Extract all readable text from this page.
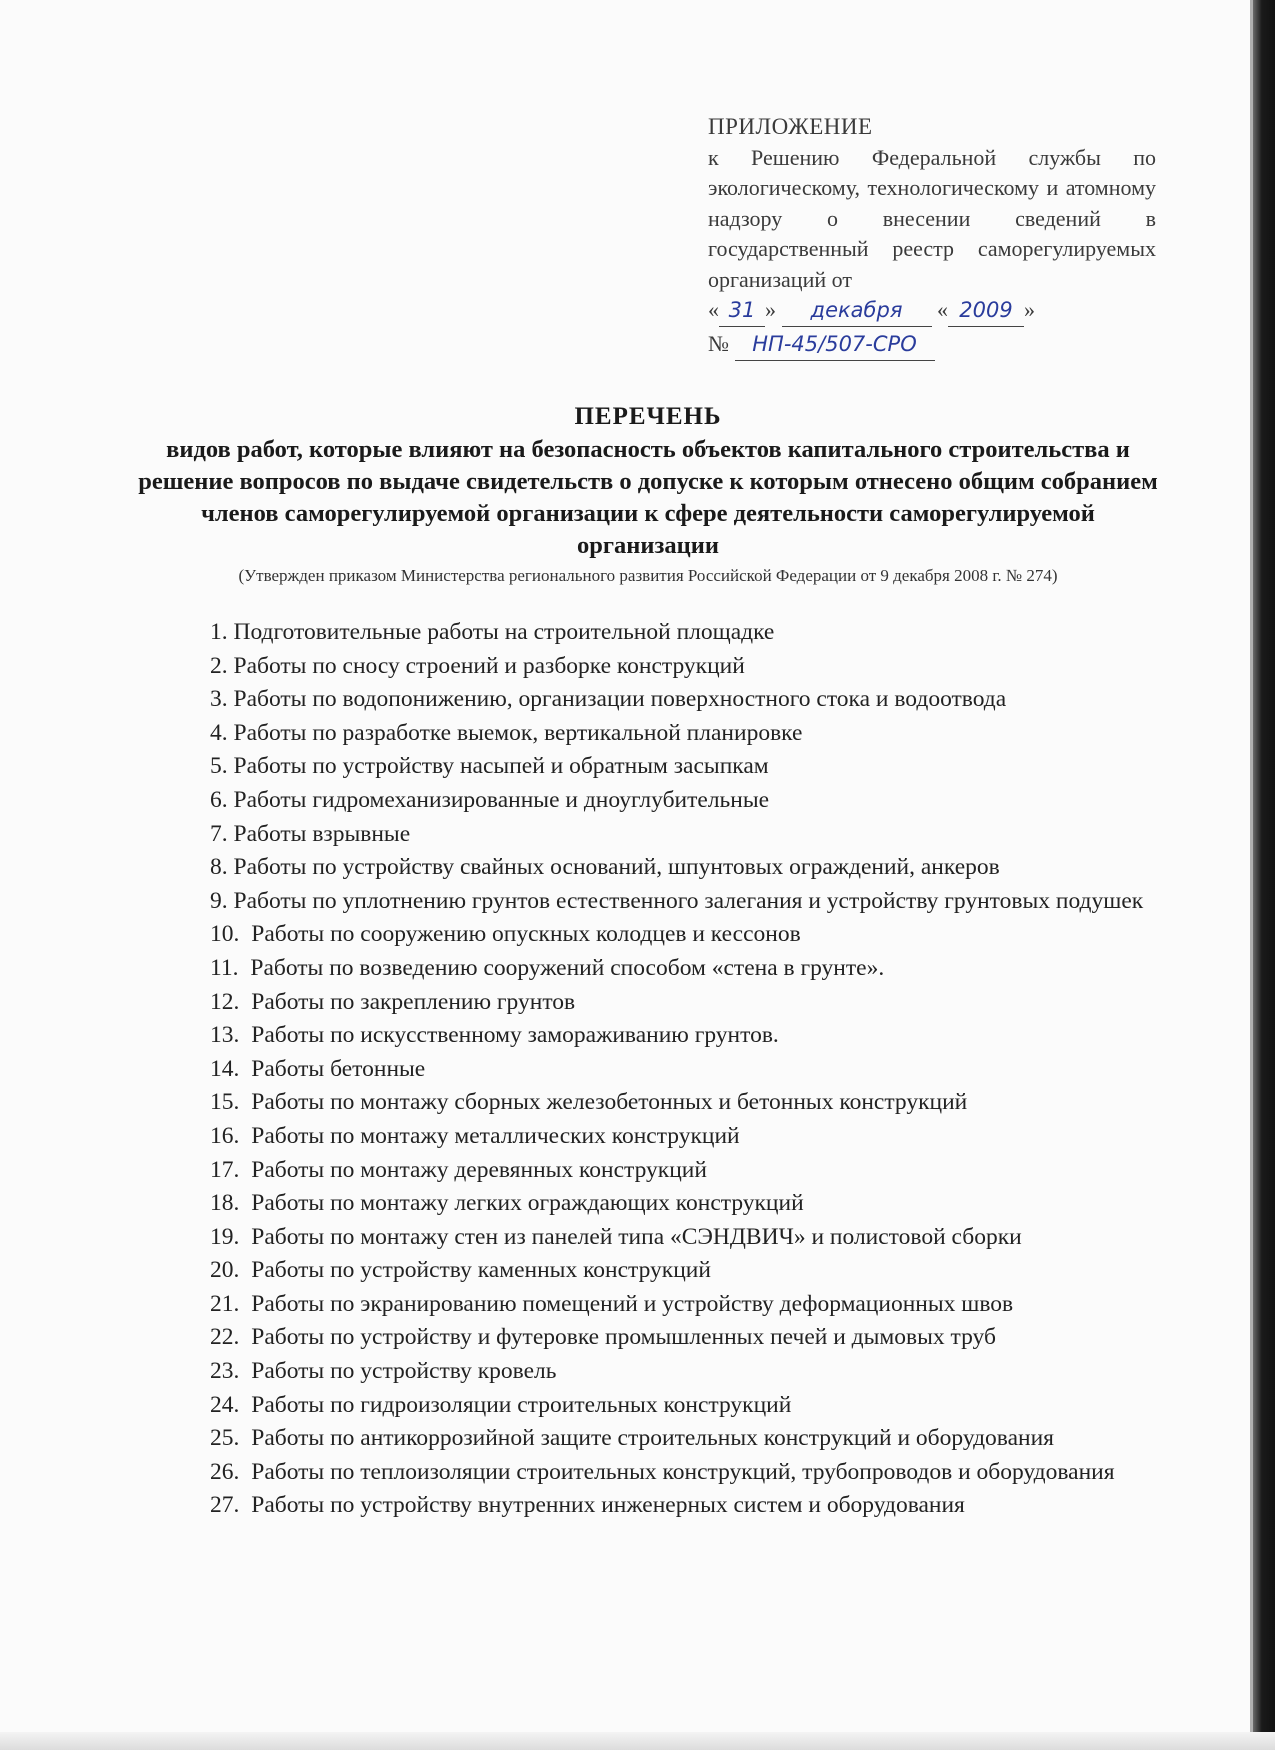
ПРИЛОЖЕНИЕ
к Решению Федеральной службы по экологическому, технологическому и атомному надзору о внесении сведений в государственный реестр саморегулируемых организаций от
« 31 » декабря « 2009 »
№ НП-45/507-СРО
ПЕРЕЧЕНЬ
видов работ, которые влияют на безопасность объектов капитального строительства и решение вопросов по выдаче свидетельств о допуске к которым отнесено общим собранием членов саморегулируемой организации к сфере деятельности саморегулируемой организации
(Утвержден приказом Министерства регионального развития Российской Федерации от 9 декабря 2008 г. № 274)
1. Подготовительные работы на строительной площадке
2. Работы по сносу строений и разборке конструкций
3. Работы по водопонижению, организации поверхностного стока и водоотвода
4. Работы по разработке выемок, вертикальной планировке
5. Работы по устройству насыпей и обратным засыпкам
6. Работы гидромеханизированные и дноуглубительные
7. Работы взрывные
8. Работы по устройству свайных оснований, шпунтовых ограждений, анкеров
9. Работы по уплотнению грунтов естественного залегания и устройству грунтовых подушек
10. Работы по сооружению опускных колодцев и кессонов
11. Работы по возведению сооружений способом «стена в грунте».
12. Работы по закреплению грунтов
13. Работы по искусственному замораживанию грунтов.
14. Работы бетонные
15. Работы по монтажу сборных железобетонных и бетонных конструкций
16. Работы по монтажу металлических конструкций
17. Работы по монтажу деревянных конструкций
18. Работы по монтажу легких ограждающих конструкций
19. Работы по монтажу стен из панелей типа «СЭНДВИЧ» и полистовой сборки
20. Работы по устройству каменных конструкций
21. Работы по экранированию помещений и устройству деформационных швов
22. Работы по устройству и футеровке промышленных печей и дымовых труб
23. Работы по устройству кровель
24. Работы по гидроизоляции строительных конструкций
25. Работы по антикоррозийной защите строительных конструкций и оборудования
26. Работы по теплоизоляции строительных конструкций, трубопроводов и оборудования
27. Работы по устройству внутренних инженерных систем и оборудования
